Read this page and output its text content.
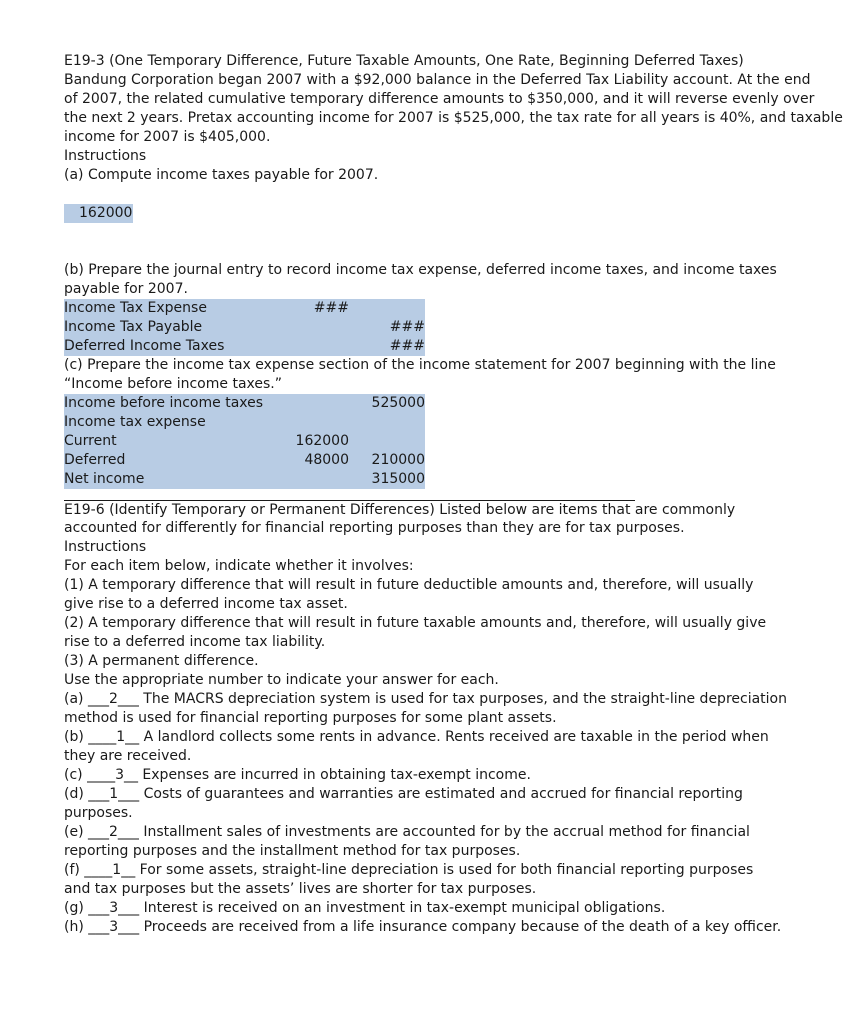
E19-3 (One Temporary Difference, Future Taxable Amounts, One Rate, Beginning Deferred Taxes)
Bandung Corporation began 2007 with a $92,000 balance in the Deferred Tax Liability account. At the end
of 2007, the related cumulative temporary difference amounts to $350,000, and it will reverse evenly over
the next 2 years. Pretax accounting income for 2007 is $525,000, the tax rate for all years is 40%, and taxable
income for 2007 is $405,000.
Instructions
(a) Compute income taxes payable for 2007.
162000
(b) Prepare the journal entry to record income tax expense, deferred income taxes, and income taxes
payable for 2007.
Income Tax Expense	###
Income Tax Payable	###
Deferred Income Taxes	###
(c) Prepare the income tax expense section of the income statement for 2007 beginning with the line
“Income before income taxes.”
Income before income taxes	525000
Income tax expense
Current	162000
Deferred	48000	210000
Net income	315000
E19-6 (Identify Temporary or Permanent Differences) Listed below are items that are commonly
accounted for differently for financial reporting purposes than they are for tax purposes.
Instructions
For each item below, indicate whether it involves:
(1) A temporary difference that will result in future deductible amounts and, therefore, will usually
give rise to a deferred income tax asset.
(2) A temporary difference that will result in future taxable amounts and, therefore, will usually give
rise to a deferred income tax liability.
(3) A permanent difference.
Use the appropriate number to indicate your answer for each.
(a) ___2___ The MACRS depreciation system is used for tax purposes, and the straight-line depreciation
method is used for financial reporting purposes for some plant assets.
(b) ____1__ A landlord collects some rents in advance. Rents received are taxable in the period when
they are received.
(c) ____3__ Expenses are incurred in obtaining tax-exempt income.
(d) ___1___ Costs of guarantees and warranties are estimated and accrued for financial reporting
purposes.
(e) ___2___ Installment sales of investments are accounted for by the accrual method for financial
reporting purposes and the installment method for tax purposes.
(f) ____1__ For some assets, straight-line depreciation is used for both financial reporting purposes
and tax purposes but the assets’ lives are shorter for tax purposes.
(g) ___3___ Interest is received on an investment in tax-exempt municipal obligations.
(h) ___3___ Proceeds are received from a life insurance company because of the death of a key officer.
